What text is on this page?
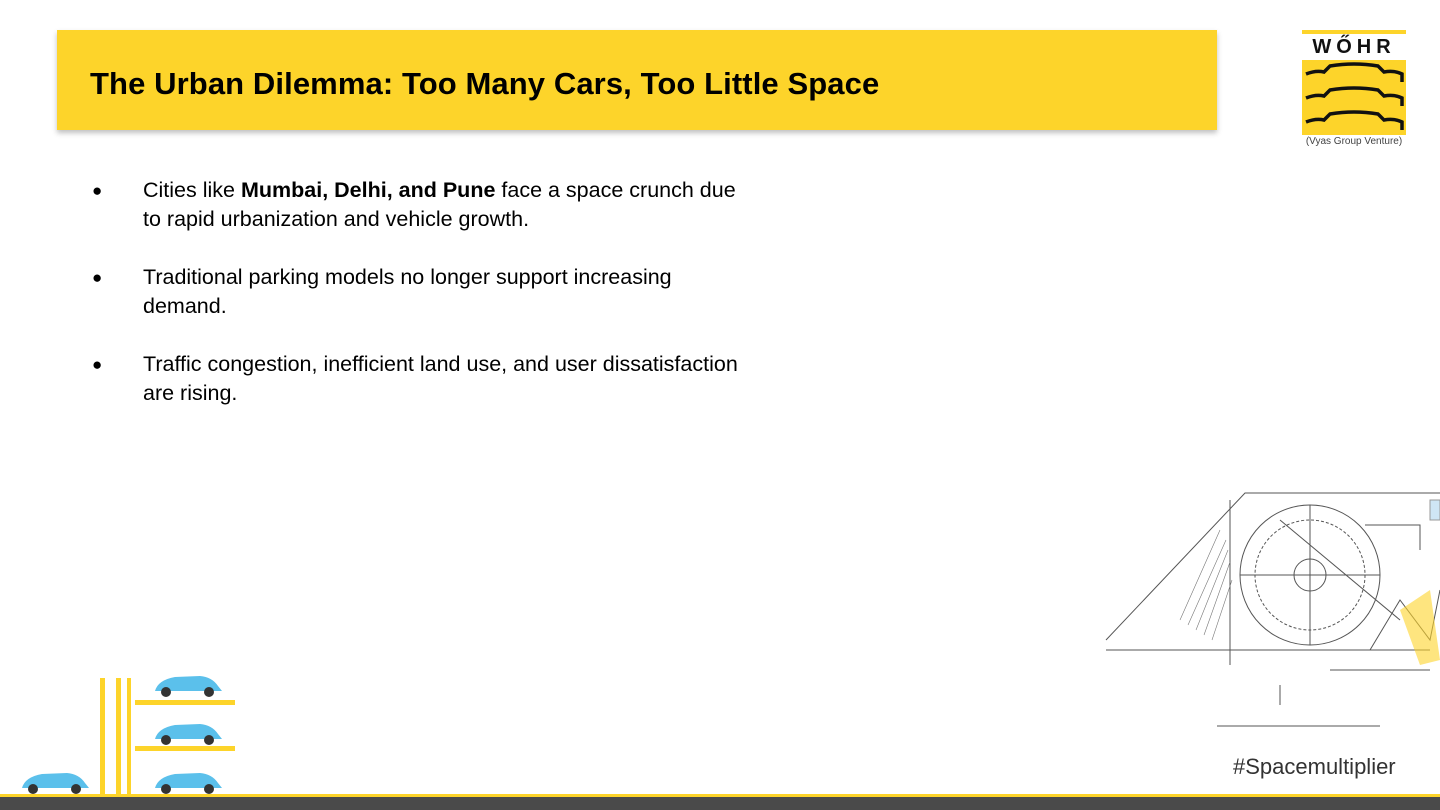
The Urban Dilemma: Too Many Cars, Too Little Space
WŐHR
(Vyas Group Venture)
● Cities like Mumbai, Delhi, and Pune face a space crunch due to rapid urbanization and vehicle growth.
● Traditional parking models no longer support increasing demand.
● Traffic congestion, inefficient land use, and user dissatisfaction are rising.
#Spacemultiplier
